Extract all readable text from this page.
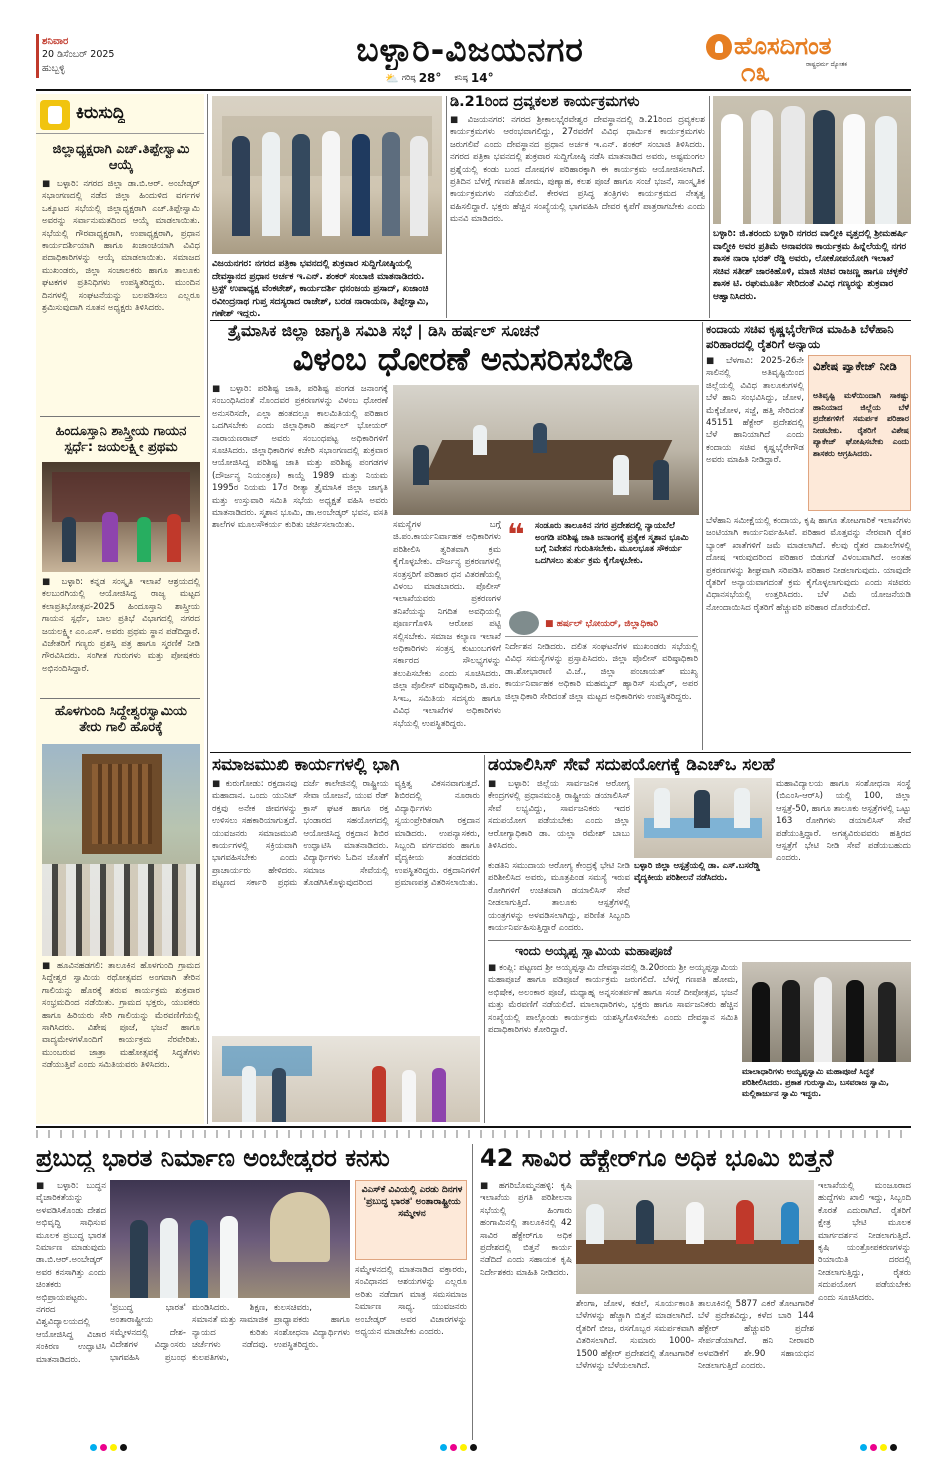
ಶನಿವಾರ
20 ಡಿಸೆಂಬರ್ 2025
ಹುಬ್ಬಳ್ಳಿ	ಬಳ್ಳಾರಿ-ವಿಜಯನಗರ
⛅ ಗರಿಷ್ಠ 28° ಕನಿಷ್ಠ 14°
ಹೊಸದಿಗಂತ
ರಾಷ್ಟ್ರಧರ್ಮ ದ್ಯೋತಕ
೧೩
ಕಿರುಸುದ್ದಿ
ಜಿಲ್ಲಾಧ್ಯಕ್ಷರಾಗಿ ಎಚ್.ತಿಪ್ಪೇಸ್ವಾಮಿ ಆಯ್ಕೆ
■ ಬಳ್ಳಾರಿ: ನಗರದ ಜಿಲ್ಲಾ ಡಾ.ಬಿ.ಆರ್. ಅಂಬೇಡ್ಕರ್ ಸಭಾಂಗಣದಲ್ಲಿ ನಡೆದ ಜಿಲ್ಲಾ ಹಿಂದುಳಿದ ವರ್ಗಗಳ ಒಕ್ಕೂಟದ ಸಭೆಯಲ್ಲಿ ಜಿಲ್ಲಾಧ್ಯಕ್ಷರಾಗಿ ಎಚ್.ತಿಪ್ಪೇಸ್ವಾಮಿ ಅವರನ್ನು ಸರ್ವಾನುಮತದಿಂದ ಆಯ್ಕೆ ಮಾಡಲಾಯಿತು. ಸಭೆಯಲ್ಲಿ ಗೌರವಾಧ್ಯಕ್ಷರಾಗಿ, ಉಪಾಧ್ಯಕ್ಷರಾಗಿ, ಪ್ರಧಾನ ಕಾರ್ಯದರ್ಶಿಯಾಗಿ ಹಾಗೂ ಖಜಾಂಚಿಯಾಗಿ ವಿವಿಧ ಪದಾಧಿಕಾರಿಗಳನ್ನು ಆಯ್ಕೆ ಮಾಡಲಾಯಿತು. ಸಮಾಜದ ಮುಖಂಡರು, ಜಿಲ್ಲಾ ಸಂಚಾಲಕರು ಹಾಗೂ ತಾಲೂಕು ಘಟಕಗಳ ಪ್ರತಿನಿಧಿಗಳು ಉಪಸ್ಥಿತರಿದ್ದರು. ಮುಂದಿನ ದಿನಗಳಲ್ಲಿ ಸಂಘಟನೆಯನ್ನು ಬಲಪಡಿಸಲು ಎಲ್ಲರೂ ಶ್ರಮಿಸುವುದಾಗಿ ನೂತನ ಅಧ್ಯಕ್ಷರು ತಿಳಿಸಿದರು.
ಹಿಂದೂಸ್ತಾನಿ ಶಾಸ್ತ್ರೀಯ ಗಾಯನ ಸ್ಪರ್ಧೆ: ಜಯಲಕ್ಷ್ಮೀ ಪ್ರಥಮ
■ ಬಳ್ಳಾರಿ: ಕನ್ನಡ ಸಂಸ್ಕೃತಿ ಇಲಾಖೆ ಆಶ್ರಯದಲ್ಲಿ ಕಲಬುರಗಿಯಲ್ಲಿ ಆಯೋಜಿಸಿದ್ದ ರಾಜ್ಯ ಮಟ್ಟದ ಕಲಾಪ್ರತಿಭೋತ್ಸವ-2025 ಹಿಂದೂಸ್ತಾನಿ ಶಾಸ್ತ್ರೀಯ ಗಾಯನ ಸ್ಪರ್ಧೆ, ಬಾಲ ಪ್ರತಿಭೆ ವಿಭಾಗದಲ್ಲಿ ನಗರದ ಜಯಲಕ್ಷ್ಮೀ ಎಂ.ಎಸ್. ಅವರು ಪ್ರಥಮ ಸ್ಥಾನ ಪಡೆದಿದ್ದಾರೆ. ವಿಜೇತರಿಗೆ ಗಣ್ಯರು ಪ್ರಶಸ್ತಿ ಪತ್ರ ಹಾಗೂ ಸ್ಮರಣಿಕೆ ನೀಡಿ ಗೌರವಿಸಿದರು. ಸಂಗೀತ ಗುರುಗಳು ಮತ್ತು ಪೋಷಕರು ಅಭಿನಂದಿಸಿದ್ದಾರೆ.
ಹೊಳಗುಂದಿ ಸಿದ್ದೇಶ್ವರಸ್ವಾಮಿಯ ತೇರು ಗಾಲಿ ಹೊರಕ್ಕೆ
■ ಹೂವಿನಹಡಗಲಿ: ತಾಲೂಕಿನ ಹೊಳಗುಂದಿ ಗ್ರಾಮದ ಸಿದ್ದೇಶ್ವರ ಸ್ವಾಮಿಯ ರಥೋತ್ಸವದ ಅಂಗವಾಗಿ ತೇರಿನ ಗಾಲಿಯನ್ನು ಹೊರಕ್ಕೆ ತರುವ ಕಾರ್ಯಕ್ರಮ ಶುಕ್ರವಾರ ಸಂಭ್ರಮದಿಂದ ನಡೆಯಿತು. ಗ್ರಾಮದ ಭಕ್ತರು, ಯುವಕರು ಹಾಗೂ ಹಿರಿಯರು ಸೇರಿ ಗಾಲಿಯನ್ನು ಮೆರವಣಿಗೆಯಲ್ಲಿ ಸಾಗಿಸಿದರು. ವಿಶೇಷ ಪೂಜೆ, ಭಜನೆ ಹಾಗೂ ವಾದ್ಯಮೇಳಗಳೊಂದಿಗೆ ಕಾರ್ಯಕ್ರಮ ನೆರವೇರಿತು. ಮುಂಬರುವ ಜಾತ್ರಾ ಮಹೋತ್ಸವಕ್ಕೆ ಸಿದ್ಧತೆಗಳು ನಡೆಯುತ್ತಿವೆ ಎಂದು ಸಮಿತಿಯವರು ತಿಳಿಸಿದರು.
ವಿಜಯನಗರ: ನಗರದ ಪತ್ರಿಕಾ ಭವನದಲ್ಲಿ ಶುಕ್ರವಾರ ಸುದ್ದಿಗೋಷ್ಠಿಯಲ್ಲಿ ದೇವಸ್ಥಾನದ ಪ್ರಧಾನ ಅರ್ಚಕ ಇ.ಎನ್. ಶಂಕರ್ ಸಂಬಾಜಿ ಮಾತನಾಡಿದರು. ಟ್ರಸ್ಟ್ ಉಪಾಧ್ಯಕ್ಷ ವೆಂಕಟೇಶ್, ಕಾರ್ಯದರ್ಶಿ ಧನಂಜಯ ಪ್ರಸಾದ್, ಖಜಾಂಚಿ ರವೀಂದ್ರನಾಥ ಗುಪ್ತ ಸದಸ್ಯರಾದ ರಾಜೇಶ್, ಬರಡ ನಾರಾಯಣ, ತಿಪ್ಪೇಸ್ವಾಮಿ, ಗಣೇಶ್ ಇದ್ದರು.
ಡಿ.21ರಿಂದ ದ್ರವ್ಯಕಲಶ ಕಾರ್ಯಕ್ರಮಗಳು
■ ವಿಜಯನಗರ: ನಗರದ ಶ್ರೀಕಾಲಭೈರವೇಶ್ವರ ದೇವಸ್ಥಾನದಲ್ಲಿ ಡಿ.21ರಿಂದ ದ್ರವ್ಯಕಲಶ ಕಾರ್ಯಕ್ರಮಗಳು ಆರಂಭವಾಗಲಿದ್ದು, 27ರವರೆಗೆ ವಿವಿಧ ಧಾರ್ಮಿಕ ಕಾರ್ಯಕ್ರಮಗಳು ಜರುಗಲಿವೆ ಎಂದು ದೇವಸ್ಥಾನದ ಪ್ರಧಾನ ಅರ್ಚಕ ಇ.ಎನ್. ಶಂಕರ್ ಸಂಬಾಜಿ ತಿಳಿಸಿದರು. ನಗರದ ಪತ್ರಿಕಾ ಭವನದಲ್ಲಿ ಶುಕ್ರವಾರ ಸುದ್ದಿಗೋಷ್ಠಿ ನಡೆಸಿ ಮಾತನಾಡಿದ ಅವರು, ಅಷ್ಟಮಂಗಲ ಪ್ರಶ್ನೆಯಲ್ಲಿ ಕಂಡು ಬಂದ ದೋಷಗಳ ಪರಿಹಾರಕ್ಕಾಗಿ ಈ ಕಾರ್ಯಕ್ರಮ ಆಯೋಜಿಸಲಾಗಿದೆ. ಪ್ರತಿದಿನ ಬೆಳಗ್ಗೆ ಗಣಪತಿ ಹೋಮ, ಪುಣ್ಯಾಹ, ಕಲಶ ಪೂಜೆ ಹಾಗೂ ಸಂಜೆ ಭಜನೆ, ಸಾಂಸ್ಕೃತಿಕ ಕಾರ್ಯಕ್ರಮಗಳು ನಡೆಯಲಿವೆ. ಕೇರಳದ ಪ್ರಸಿದ್ಧ ತಂತ್ರಿಗಳು ಕಾರ್ಯಕ್ರಮದ ನೇತೃತ್ವ ವಹಿಸಲಿದ್ದಾರೆ. ಭಕ್ತರು ಹೆಚ್ಚಿನ ಸಂಖ್ಯೆಯಲ್ಲಿ ಭಾಗವಹಿಸಿ ದೇವರ ಕೃಪೆಗೆ ಪಾತ್ರರಾಗಬೇಕು ಎಂದು ಮನವಿ ಮಾಡಿದರು.
ಬಳ್ಳಾರಿ: ಜಿ.ತರಂದು ಬಳ್ಳಾರಿ ನಗರದ ವಾಲ್ಮೀಕಿ ವೃತ್ತದಲ್ಲಿ ಶ್ರೀಮಹರ್ಷಿ ವಾಲ್ಮೀಕಿ ಅವರ ಪ್ರತಿಮೆ ಅನಾವರಣ ಕಾರ್ಯಕ್ರಮ ಹಿನ್ನೆಲೆಯಲ್ಲಿ ನಗರ ಶಾಸಕ ನಾರಾ ಭರತ್ ರೆಡ್ಡಿ ಅವರು, ಲೋಕೋಪಯೋಗಿ ಇಲಾಖೆ ಸಚಿವ ಸತೀಶ್ ಜಾರಕಿಹೊಳಿ, ಮಾಜಿ ಸಚಿವ ರಾಜಣ್ಣ ಹಾಗೂ ಚಳ್ಳಕೆರೆ ಶಾಸಕ ಟಿ. ರಘುಮೂರ್ತಿ ಸೇರಿದಂತೆ ವಿವಿಧ ಗಣ್ಯರನ್ನು ಶುಕ್ರವಾರ ಆಹ್ವಾನಿಸಿದರು.
ತ್ರೈಮಾಸಿಕ ಜಿಲ್ಲಾ ಜಾಗೃತಿ ಸಮಿತಿ ಸಭೆ | ಡಿಸಿ ಹರ್ಷಲ್ ಸೂಚನೆ
ವಿಳಂಬ ಧೋರಣೆ ಅನುಸರಿಸಬೇಡಿ
■ ಬಳ್ಳಾರಿ: ಪರಿಶಿಷ್ಟ ಜಾತಿ, ಪರಿಶಿಷ್ಟ ಪಂಗಡ ಜನಾಂಗಕ್ಕೆ ಸಂಬಂಧಿಸಿದಂತೆ ನೊಂದವರ ಪ್ರಕರಣಗಳನ್ನು ವಿಳಂಬ ಧೋರಣೆ ಅನುಸರಿಸದೇ, ಎಲ್ಲಾ ಹಂತದಲ್ಲೂ ಕಾಲಮಿತಿಯಲ್ಲಿ ಪರಿಹಾರ ಒದಗಿಸಬೇಕು ಎಂದು ಜಿಲ್ಲಾಧಿಕಾರಿ ಹರ್ಷಲ್ ಭೋಯರ್ ನಾರಾಯಣರಾವ್ ಅವರು ಸಂಬಂಧಪಟ್ಟ ಅಧಿಕಾರಿಗಳಿಗೆ ಸೂಚಿಸಿದರು. ಜಿಲ್ಲಾಧಿಕಾರಿಗಳ ಕಚೇರಿ ಸಭಾಂಗಣದಲ್ಲಿ ಶುಕ್ರವಾರ ಆಯೋಜಿಸಿದ್ದ ಪರಿಶಿಷ್ಟ ಜಾತಿ ಮತ್ತು ಪರಿಶಿಷ್ಟ ಪಂಗಡಗಳ (ದೌರ್ಜನ್ಯ ನಿಯಂತ್ರಣ) ಕಾಯ್ದೆ 1989 ಮತ್ತು ನಿಯಮ 1995ರ ನಿಯಮ 17ರ ರೀತ್ಯಾ ತ್ರೈಮಾಸಿಕ ಜಿಲ್ಲಾ ಜಾಗೃತಿ ಮತ್ತು ಉಸ್ತುವಾರಿ ಸಮಿತಿ ಸಭೆಯ ಅಧ್ಯಕ್ಷತೆ ವಹಿಸಿ ಅವರು ಮಾತನಾಡಿದರು. ಸ್ಮಶಾನ ಭೂಮಿ, ಡಾ.ಅಂಬೇಡ್ಕರ್ ಭವನ, ವಸತಿ ಶಾಲೆಗಳ ಮೂಲಸೌಕರ್ಯ ಕುರಿತು ಚರ್ಚಿಸಲಾಯಿತು.	ಸಮಸ್ಯೆಗಳ ಬಗ್ಗೆ ಜಿ.ಪಂ.ಕಾರ್ಯನಿರ್ವಾಹಕ ಅಧಿಕಾರಿಗಳು ಪರಿಶೀಲಿಸಿ ತ್ವರಿತವಾಗಿ ಕ್ರಮ ಕೈಗೊಳ್ಳಬೇಕು. ದೌರ್ಜನ್ಯ ಪ್ರಕರಣಗಳಲ್ಲಿ ಸಂತ್ರಸ್ತರಿಗೆ ಪರಿಹಾರ ಧನ ವಿತರಣೆಯಲ್ಲಿ ವಿಳಂಬ ಮಾಡಬಾರದು. ಪೊಲೀಸ್ ಇಲಾಖೆಯವರು ಪ್ರಕರಣಗಳ ತನಿಖೆಯನ್ನು ನಿಗದಿತ ಅವಧಿಯಲ್ಲಿ ಪೂರ್ಣಗೊಳಿಸಿ ಆರೋಪ ಪಟ್ಟಿ ಸಲ್ಲಿಸಬೇಕು. ಸಮಾಜ ಕಲ್ಯಾಣ ಇಲಾಖೆ ಅಧಿಕಾರಿಗಳು ಸಂತ್ರಸ್ತ ಕುಟುಂಬಗಳಿಗೆ ಸರ್ಕಾರದ ಸೌಲಭ್ಯಗಳನ್ನು ತಲುಪಿಸಬೇಕು ಎಂದು ಸೂಚಿಸಿದರು. ಜಿಲ್ಲಾ ಪೊಲೀಸ್ ವರಿಷ್ಠಾಧಿಕಾರಿ, ಜಿ.ಪಂ. ಸಿಇಒ, ಸಮಿತಿಯ ಸದಸ್ಯರು ಹಾಗೂ ವಿವಿಧ ಇಲಾಖೆಗಳ ಅಧಿಕಾರಿಗಳು ಸಭೆಯಲ್ಲಿ ಉಪಸ್ಥಿತರಿದ್ದರು.
❝ ಸಂಡೂರು ತಾಲೂಕಿನ ನಗರ ಪ್ರದೇಶದಲ್ಲಿ ನ್ಯಾಯಬೆಲೆ ಅಂಗಡಿ ಪರಿಶಿಷ್ಟ ಜಾತಿ ಜನಾಂಗಕ್ಕೆ ಪ್ರತ್ಯೇಕ ಸ್ಮಶಾನ ಭೂಮಿ ಬಗ್ಗೆ ನಿವೇಶನ ಗುರುತಿಸಬೇಕು. ಮೂಲಭೂತ ಸೌಕರ್ಯ ಒದಗಿಸಲು ತುರ್ತು ಕ್ರಮ ಕೈಗೊಳ್ಳಬೇಕು.
■ ಹರ್ಷಲ್ ಭೋಯರ್, ಜಿಲ್ಲಾಧಿಕಾರಿ
ನಿರ್ದೇಶನ ನೀಡಿದರು. ದಲಿತ ಸಂಘಟನೆಗಳ ಮುಖಂಡರು ಸಭೆಯಲ್ಲಿ ವಿವಿಧ ಸಮಸ್ಯೆಗಳನ್ನು ಪ್ರಸ್ತಾಪಿಸಿದರು. ಜಿಲ್ಲಾ ಪೊಲೀಸ್ ವರಿಷ್ಠಾಧಿಕಾರಿ ಡಾ.ಶೋಭಾರಾಣಿ ವಿ.ಜೆ., ಜಿಲ್ಲಾ ಪಂಚಾಯತ್ ಮುಖ್ಯ ಕಾರ್ಯನಿರ್ವಾಹಕ ಅಧಿಕಾರಿ ಮಹಮ್ಮದ್ ಹ್ಯಾರಿಸ್ ಸುಮೈರ್, ಅಪರ ಜಿಲ್ಲಾಧಿಕಾರಿ ಸೇರಿದಂತೆ ಜಿಲ್ಲಾ ಮಟ್ಟದ ಅಧಿಕಾರಿಗಳು ಉಪಸ್ಥಿತರಿದ್ದರು.
ಕಂದಾಯ ಸಚಿವ ಕೃಷ್ಣಭೈರೇಗೌಡ ಮಾಹಿತಿ ಬೆಳೆಹಾನಿ ಪರಿಹಾರದಲ್ಲಿ ರೈತರಿಗೆ ಅನ್ಯಾಯ
■ ಬೆಳಗಾವಿ: 2025-26ನೇ ಸಾಲಿನಲ್ಲಿ ಅತಿವೃಷ್ಟಿಯಿಂದ ಜಿಲ್ಲೆಯಲ್ಲಿ ವಿವಿಧ ತಾಲೂಕುಗಳಲ್ಲಿ ಬೆಳೆ ಹಾನಿ ಸಂಭವಿಸಿದ್ದು, ಜೋಳ, ಮೆಕ್ಕೆಜೋಳ, ಸಜ್ಜೆ, ಹತ್ತಿ ಸೇರಿದಂತೆ 45151 ಹೆಕ್ಟೇರ್ ಪ್ರದೇಶದಲ್ಲಿ ಬೆಳೆ ಹಾನಿಯಾಗಿದೆ ಎಂದು ಕಂದಾಯ ಸಚಿವ ಕೃಷ್ಣಭೈರೇಗೌಡ ಅವರು ಮಾಹಿತಿ ನೀಡಿದ್ದಾರೆ.
ವಿಶೇಷ ಪ್ಯಾಕೇಜ್ ನೀಡಿ
ಅತಿವೃಷ್ಟಿ ಮಳೆಯಿಂದಾಗಿ ಸಾಕಷ್ಟು ಹಾನಿಯಾದ ಜಿಲ್ಲೆಯ ಬೆಳೆ ಪ್ರದೇಶಗಳಿಗೆ ಸಮರ್ಪಕ ಪರಿಹಾರ ನೀಡಬೇಕು. ರೈತರಿಗೆ ವಿಶೇಷ ಪ್ಯಾಕೇಜ್ ಘೋಷಿಸಬೇಕು ಎಂದು ಶಾಸಕರು ಆಗ್ರಹಿಸಿದರು.
ಬೆಳೆಹಾನಿ ಸಮೀಕ್ಷೆಯಲ್ಲಿ ಕಂದಾಯ, ಕೃಷಿ ಹಾಗೂ ತೋಟಗಾರಿಕೆ ಇಲಾಖೆಗಳು ಜಂಟಿಯಾಗಿ ಕಾರ್ಯನಿರ್ವಹಿಸಿವೆ. ಪರಿಹಾರ ಮೊತ್ತವನ್ನು ನೇರವಾಗಿ ರೈತರ ಬ್ಯಾಂಕ್ ಖಾತೆಗಳಿಗೆ ಜಮೆ ಮಾಡಲಾಗಿದೆ. ಕೆಲವು ರೈತರ ದಾಖಲೆಗಳಲ್ಲಿ ದೋಷ ಇರುವುದರಿಂದ ಪರಿಹಾರ ಬಿಡುಗಡೆ ವಿಳಂಬವಾಗಿದೆ. ಅಂತಹ ಪ್ರಕರಣಗಳನ್ನು ಶೀಘ್ರವಾಗಿ ಸರಿಪಡಿಸಿ ಪರಿಹಾರ ನೀಡಲಾಗುವುದು. ಯಾವುದೇ ರೈತರಿಗೆ ಅನ್ಯಾಯವಾಗದಂತೆ ಕ್ರಮ ಕೈಗೊಳ್ಳಲಾಗುವುದು ಎಂದು ಸಚಿವರು ವಿಧಾನಸಭೆಯಲ್ಲಿ ಉತ್ತರಿಸಿದರು. ಬೆಳೆ ವಿಮೆ ಯೋಜನೆಯಡಿ ನೋಂದಾಯಿಸಿದ ರೈತರಿಗೆ ಹೆಚ್ಚುವರಿ ಪರಿಹಾರ ದೊರೆಯಲಿದೆ.
ಸಮಾಜಮುಖಿ ಕಾರ್ಯಗಳಲ್ಲಿ ಭಾಗಿ
■ ಕುರುಗೋಡು: ರಕ್ತದಾನವು ಮಹಾದಾನ. ಒಂದು ಯುನಿಟ್ ರಕ್ತವು ಅನೇಕ ಜೀವಗಳನ್ನು ಉಳಿಸಲು ಸಹಕಾರಿಯಾಗುತ್ತದೆ. ಯುವಜನರು ಸಮಾಜಮುಖಿ ಕಾರ್ಯಗಳಲ್ಲಿ ಸಕ್ರಿಯವಾಗಿ ಭಾಗವಹಿಸಬೇಕು ಎಂದು ಪ್ರಾಚಾರ್ಯರು ಹೇಳಿದರು. ಪಟ್ಟಣದ ಸರ್ಕಾರಿ ಪ್ರಥಮ ದರ್ಜೆ ಕಾಲೇಜಿನಲ್ಲಿ ರಾಷ್ಟ್ರೀಯ ಸೇವಾ ಯೋಜನೆ, ಯುವ ರೆಡ್ ಕ್ರಾಸ್ ಘಟಕ ಹಾಗೂ ರಕ್ತ ಭಂಡಾರದ ಸಹಯೋಗದಲ್ಲಿ ಆಯೋಜಿಸಿದ್ದ ರಕ್ತದಾನ ಶಿಬಿರ ಉದ್ಘಾಟಿಸಿ ಮಾತನಾಡಿದರು. ವಿದ್ಯಾರ್ಥಿಗಳು ಓದಿನ ಜೊತೆಗೆ ಸಮಾಜ ಸೇವೆಯಲ್ಲಿ ತೊಡಗಿಸಿಕೊಳ್ಳುವುದರಿಂದ ವ್ಯಕ್ತಿತ್ವ ವಿಕಸನವಾಗುತ್ತದೆ. ಶಿಬಿರದಲ್ಲಿ ನೂರಾರು ವಿದ್ಯಾರ್ಥಿಗಳು ಸ್ವಯಂಪ್ರೇರಿತರಾಗಿ ರಕ್ತದಾನ ಮಾಡಿದರು. ಉಪನ್ಯಾಸಕರು, ಸಿಬ್ಬಂದಿ ವರ್ಗದವರು ಹಾಗೂ ವೈದ್ಯಕೀಯ ತಂಡದವರು ಉಪಸ್ಥಿತರಿದ್ದರು. ರಕ್ತದಾನಿಗಳಿಗೆ ಪ್ರಮಾಣಪತ್ರ ವಿತರಿಸಲಾಯಿತು.
ಡಯಾಲಿಸಿಸ್ ಸೇವೆ ಸದುಪಯೋಗಕ್ಕೆ ಡಿಎಚ್‌ಒ ಸಲಹೆ
■ ಬಳ್ಳಾರಿ: ಜಿಲ್ಲೆಯ ಸಾರ್ವಜನಿಕ ಆರೋಗ್ಯ ಕೇಂದ್ರಗಳಲ್ಲಿ ಪ್ರಧಾನಮಂತ್ರಿ ರಾಷ್ಟ್ರೀಯ ಡಯಾಲಿಸಿಸ್ ಸೇವೆ ಲಭ್ಯವಿದ್ದು, ಸಾರ್ವಜನಿಕರು ಇದರ ಸದುಪಯೋಗ ಪಡೆಯಬೇಕು ಎಂದು ಜಿಲ್ಲಾ ಆರೋಗ್ಯಾಧಿಕಾರಿ ಡಾ. ಯಲ್ಲಾ ರಮೇಶ್ ಬಾಬು ತಿಳಿಸಿದರು.
ಕುಡತಿನಿ ಸಮುದಾಯ ಆರೋಗ್ಯ ಕೇಂದ್ರಕ್ಕೆ ಭೇಟಿ ನೀಡಿ ಪರಿಶೀಲಿಸಿದ ಅವರು, ಮೂತ್ರಪಿಂಡ ಸಮಸ್ಯೆ ಇರುವ ರೋಗಿಗಳಿಗೆ ಉಚಿತವಾಗಿ ಡಯಾಲಿಸಿಸ್ ಸೇವೆ ನೀಡಲಾಗುತ್ತಿದೆ. ತಾಲೂಕು ಆಸ್ಪತ್ರೆಗಳಲ್ಲಿ ಯಂತ್ರಗಳನ್ನು ಅಳವಡಿಸಲಾಗಿದ್ದು, ಪರಿಣಿತ ಸಿಬ್ಬಂದಿ ಕಾರ್ಯನಿರ್ವಹಿಸುತ್ತಿದ್ದಾರೆ ಎಂದರು.
ಬಳ್ಳಾರಿ ಜಿಲ್ಲಾ ಆಸ್ಪತ್ರೆಯಲ್ಲಿ ಡಾ. ಎಸ್.ಬಸರೆಡ್ಡಿ ವೈದ್ಯಕೀಯ ಪರಿಶೀಲನೆ ನಡೆಸಿದರು.
ಮಹಾವಿದ್ಯಾಲಯ ಹಾಗೂ ಸಂಶೋಧನಾ ಸಂಸ್ಥೆ (ಬಿಎಂಸಿ-ಆರ್‌ಸಿ) ಯಲ್ಲಿ 100, ಜಿಲ್ಲಾ ಆಸ್ಪತ್ರೆ-50, ಹಾಗೂ ತಾಲೂಕು ಆಸ್ಪತ್ರೆಗಳಲ್ಲಿ ಒಟ್ಟು 163 ರೋಗಿಗಳು ಡಯಾಲಿಸಿಸ್ ಸೇವೆ ಪಡೆಯುತ್ತಿದ್ದಾರೆ. ಅಗತ್ಯವಿರುವವರು ಹತ್ತಿರದ ಆಸ್ಪತ್ರೆಗೆ ಭೇಟಿ ನೀಡಿ ಸೇವೆ ಪಡೆಯಬಹುದು ಎಂದರು.
ಇಂದು ಅಯ್ಯಪ್ಪ ಸ್ವಾಮಿಯ ಮಹಾಪೂಜೆ
■ ಕಂಪ್ಲಿ: ಪಟ್ಟಣದ ಶ್ರೀ ಅಯ್ಯಪ್ಪಸ್ವಾಮಿ ದೇವಸ್ಥಾನದಲ್ಲಿ ಡಿ.20ರಂದು ಶ್ರೀ ಅಯ್ಯಪ್ಪಸ್ವಾಮಿಯ ಮಹಾಪೂಜೆ ಹಾಗೂ ಪಡಿಪೂಜೆ ಕಾರ್ಯಕ್ರಮ ಜರುಗಲಿದೆ. ಬೆಳಗ್ಗೆ ಗಣಪತಿ ಹೋಮ, ಅಭಿಷೇಕ, ಅಲಂಕಾರ ಪೂಜೆ, ಮಧ್ಯಾಹ್ನ ಅನ್ನಸಂತರ್ಪಣೆ ಹಾಗೂ ಸಂಜೆ ದೀಪೋತ್ಸವ, ಭಜನೆ ಮತ್ತು ಮೆರವಣಿಗೆ ನಡೆಯಲಿದೆ. ಮಾಲಾಧಾರಿಗಳು, ಭಕ್ತರು ಹಾಗೂ ಸಾರ್ವಜನಿಕರು ಹೆಚ್ಚಿನ ಸಂಖ್ಯೆಯಲ್ಲಿ ಪಾಲ್ಗೊಂಡು ಕಾರ್ಯಕ್ರಮ ಯಶಸ್ವಿಗೊಳಿಸಬೇಕು ಎಂದು ದೇವಸ್ಥಾನ ಸಮಿತಿ ಪದಾಧಿಕಾರಿಗಳು ಕೋರಿದ್ದಾರೆ.
ಮಾಲಾಧಾರಿಗಳು ಅಯ್ಯಪ್ಪಸ್ವಾಮಿ ಮಹಾಪೂಜೆ ಸಿದ್ಧತೆ ಪರಿಶೀಲಿಸಿದರು. ಪ್ರಕಾಶ ಗುರುಸ್ವಾಮಿ, ಬಸವರಾಜ ಸ್ವಾಮಿ, ಮಲ್ಲಿಕಾರ್ಜುನ ಸ್ವಾಮಿ ಇದ್ದರು.
ಪ್ರಬುದ್ಧ ಭಾರತ ನಿರ್ಮಾಣ ಅಂಬೇಡ್ಕರರ ಕನಸು
■ ಬಳ್ಳಾರಿ: ಬುದ್ಧನ ವೈಚಾರಿಕತೆಯನ್ನು ಅಳವಡಿಸಿಕೊಂಡು ದೇಶದ ಅಭಿವೃದ್ಧಿ ಸಾಧಿಸುವ ಮೂಲಕ ಪ್ರಬುದ್ಧ ಭಾರತ ನಿರ್ಮಾಣ ಮಾಡುವುದು ಡಾ.ಬಿ.ಆರ್.ಅಂಬೇಡ್ಕರ್ ಅವರ ಕನಸಾಗಿತ್ತು ಎಂದು ಚಿಂತಕರು ಅಭಿಪ್ರಾಯಪಟ್ಟರು. ನಗರದ ವಿಶ್ವವಿದ್ಯಾಲಯದಲ್ಲಿ ಆಯೋಜಿಸಿದ್ದ ವಿಚಾರ ಸಂಕಿರಣ ಉದ್ಘಾಟಿಸಿ ಮಾತನಾಡಿದರು.
ವಿಎಸ್‌ಕೆ ವಿವಿಯಲ್ಲಿ ಎರಡು ದಿನಗಳ 'ಪ್ರಬುದ್ಧ ಭಾರತ' ಅಂತಾರಾಷ್ಟ್ರೀಯ ಸಮ್ಮೇಳನ
ಸಮ್ಮೇಳನದಲ್ಲಿ ಮಾತನಾಡಿದ ವಕ್ತಾರರು, ಸಂವಿಧಾನದ ಆಶಯಗಳನ್ನು ಎಲ್ಲರೂ ಅರಿತು ನಡೆದಾಗ ಮಾತ್ರ ಸಮಸಮಾಜ ನಿರ್ಮಾಣ ಸಾಧ್ಯ. ಯುವಜನರು ಅಂಬೇಡ್ಕರ್ ಅವರ ವಿಚಾರಗಳನ್ನು ಅಧ್ಯಯನ ಮಾಡಬೇಕು ಎಂದರು.
'ಪ್ರಬುದ್ಧ ಭಾರತ' ಅಂತಾರಾಷ್ಟ್ರೀಯ ಸಮ್ಮೇಳನದಲ್ಲಿ ದೇಶ-ವಿದೇಶಗಳ ವಿದ್ವಾಂಸರು ಭಾಗವಹಿಸಿ ಪ್ರಬಂಧ ಮಂಡಿಸಿದರು. ಶಿಕ್ಷಣ, ಸಮಾನತೆ ಮತ್ತು ಸಾಮಾಜಿಕ ನ್ಯಾಯದ ಕುರಿತು ಚರ್ಚೆಗಳು ನಡೆದವು. ಕುಲಪತಿಗಳು, ಕುಲಸಚಿವರು, ಪ್ರಾಧ್ಯಾಪಕರು ಹಾಗೂ ಸಂಶೋಧನಾ ವಿದ್ಯಾರ್ಥಿಗಳು ಉಪಸ್ಥಿತರಿದ್ದರು.
42 ಸಾವಿರ ಹೆಕ್ಟೇರ್‌ಗೂ ಅಧಿಕ ಭೂಮಿ ಬಿತ್ತನೆ
■ ಹಗರಿಬೊಮ್ಮನಹಳ್ಳಿ: ಕೃಷಿ ಇಲಾಖೆಯ ಪ್ರಗತಿ ಪರಿಶೀಲನಾ ಸಭೆಯಲ್ಲಿ ಹಿಂಗಾರು ಹಂಗಾಮಿನಲ್ಲಿ ತಾಲೂಕಿನಲ್ಲಿ 42 ಸಾವಿರ ಹೆಕ್ಟೇರ್‌ಗೂ ಅಧಿಕ ಪ್ರದೇಶದಲ್ಲಿ ಬಿತ್ತನೆ ಕಾರ್ಯ ನಡೆದಿದೆ ಎಂದು ಸಹಾಯಕ ಕೃಷಿ ನಿರ್ದೇಶಕರು ಮಾಹಿತಿ ನೀಡಿದರು.
ಶೇಂಗಾ, ಜೋಳ, ಕಡಲೆ, ಸೂರ್ಯಕಾಂತಿ ಬೆಳೆಗಳನ್ನು ಹೆಚ್ಚಾಗಿ ಬಿತ್ತನೆ ಮಾಡಲಾಗಿದೆ. ರೈತರಿಗೆ ಬೀಜ, ರಸಗೊಬ್ಬರ ಸಮರ್ಪಕವಾಗಿ ವಿತರಿಸಲಾಗಿದೆ. ಸುಮಾರು 1000-1500 ಹೆಕ್ಟೇರ್ ಪ್ರದೇಶದಲ್ಲಿ ತೋಟಗಾರಿಕೆ ಬೆಳೆಗಳನ್ನು ಬೆಳೆಯಲಾಗಿದೆ.
ತಾಲೂಕಿನಲ್ಲಿ 5877 ಎಕರೆ ತೋಟಗಾರಿಕೆ ಬೆಳೆ ಪ್ರದೇಶವಿದ್ದು, ಕಳೆದ ಬಾರಿ 144 ಹೆಕ್ಟೇರ್ ಹೆಚ್ಚುವರಿ ಪ್ರದೇಶ ಸೇರ್ಪಡೆಯಾಗಿದೆ. ಹನಿ ನೀರಾವರಿ ಅಳವಡಿಕೆಗೆ ಶೇ.90 ಸಹಾಯಧನ ನೀಡಲಾಗುತ್ತಿದೆ ಎಂದರು.
ಇಲಾಖೆಯಲ್ಲಿ ಮಂಜೂರಾದ ಹುದ್ದೆಗಳು ಖಾಲಿ ಇದ್ದು, ಸಿಬ್ಬಂದಿ ಕೊರತೆ ಎದುರಾಗಿದೆ. ರೈತರಿಗೆ ಕ್ಷೇತ್ರ ಭೇಟಿ ಮೂಲಕ ಮಾರ್ಗದರ್ಶನ ನೀಡಲಾಗುತ್ತಿದೆ. ಕೃಷಿ ಯಂತ್ರೋಪಕರಣಗಳನ್ನು ರಿಯಾಯಿತಿ ದರದಲ್ಲಿ ನೀಡಲಾಗುತ್ತಿದ್ದು, ರೈತರು ಸದುಪಯೋಗ ಪಡೆಯಬೇಕು ಎಂದು ಸೂಚಿಸಿದರು.
